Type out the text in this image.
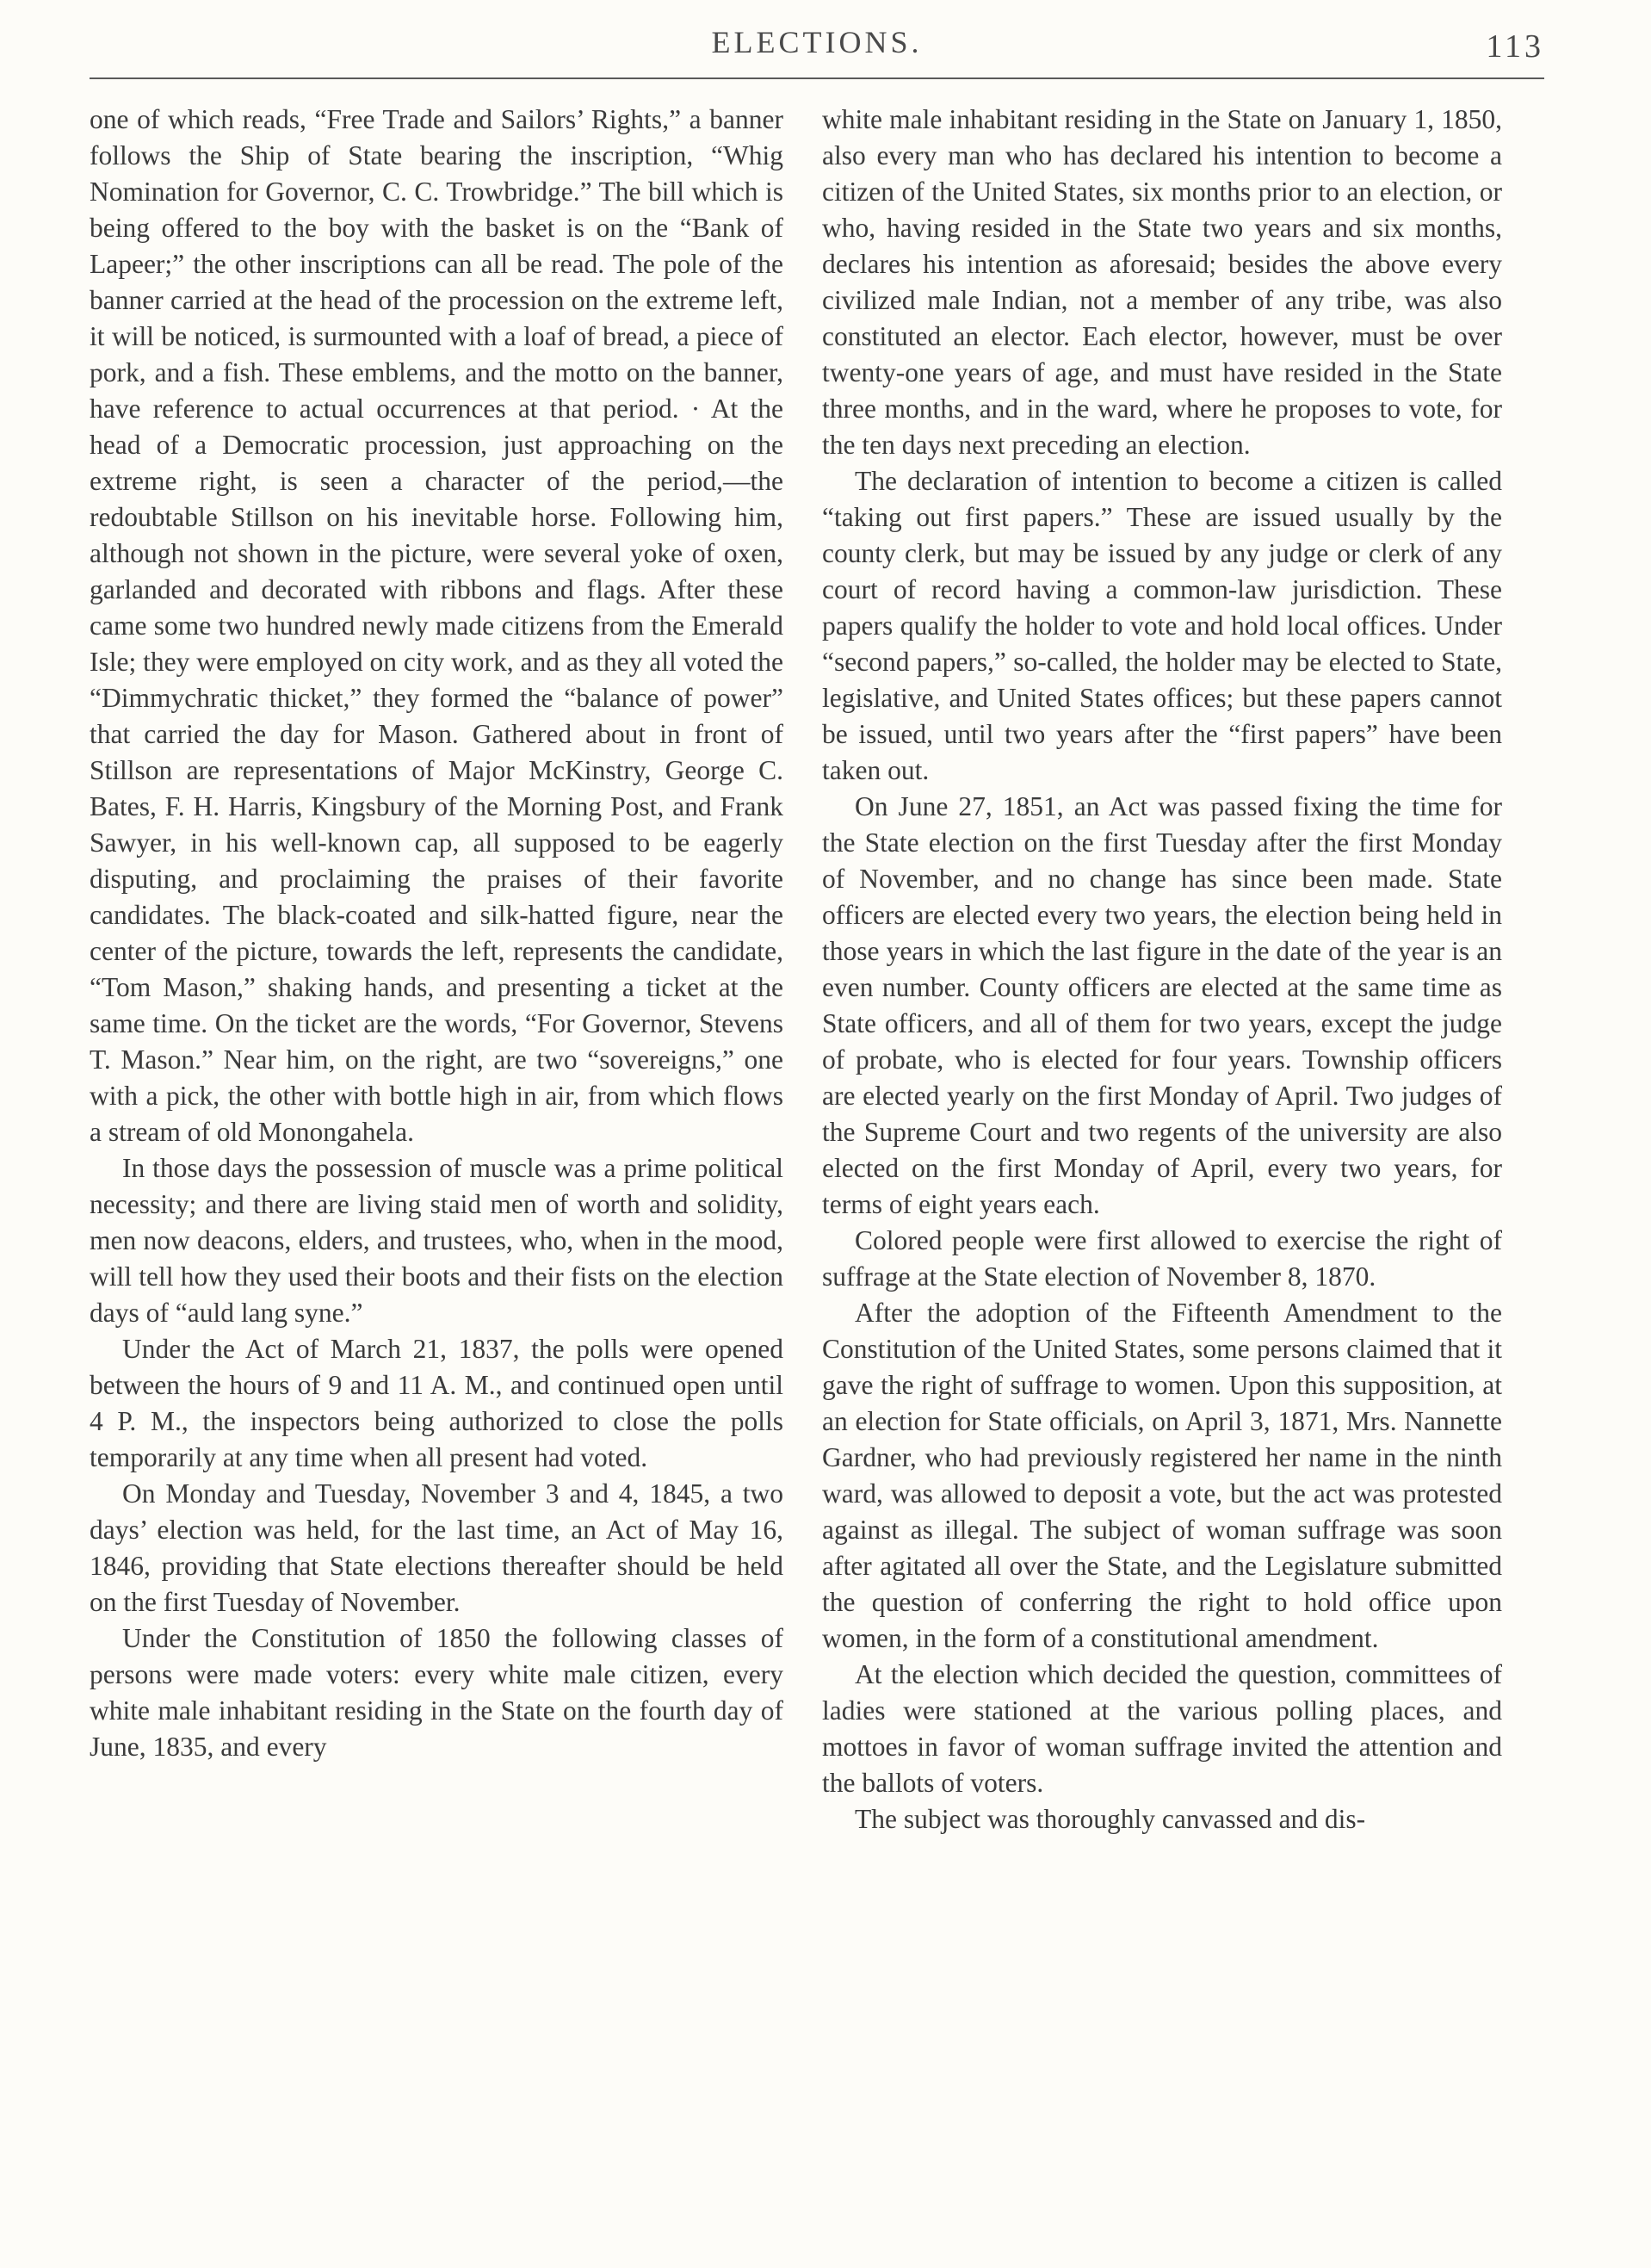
ELECTIONS.	113

one of which reads, “Free Trade and Sailors’ Rights,” a banner follows the Ship of State bearing the inscription, “Whig Nomination for Governor, C. C. Trowbridge.” The bill which is being offered to the boy with the basket is on the “Bank of Lapeer;” the other inscriptions can all be read. The pole of the banner carried at the head of the procession on the extreme left, it will be noticed, is surmounted with a loaf of bread, a piece of pork, and a fish. These emblems, and the motto on the banner, have reference to actual occurrences at that period. · At the head of a Democratic procession, just approaching on the extreme right, is seen a character of the period,—the redoubtable Stillson on his inevitable horse. Following him, although not shown in the picture, were several yoke of oxen, garlanded and decorated with ribbons and flags. After these came some two hundred newly made citizens from the Emerald Isle; they were employed on city work, and as they all voted the “Dimmychratic thicket,” they formed the “balance of power” that carried the day for Mason. Gathered about in front of Stillson are representations of Major McKinstry, George C. Bates, F. H. Harris, Kingsbury of the Morning Post, and Frank Sawyer, in his well-known cap, all supposed to be eagerly disputing, and proclaiming the praises of their favorite candidates. The black-coated and silk-hatted figure, near the center of the picture, towards the left, represents the candidate, “Tom Mason,” shaking hands, and presenting a ticket at the same time. On the ticket are the words, “For Governor, Stevens T. Mason.” Near him, on the right, are two “sovereigns,” one with a pick, the other with bottle high in air, from which flows a stream of old Monongahela.

In those days the possession of muscle was a prime political necessity; and there are living staid men of worth and solidity, men now deacons, elders, and trustees, who, when in the mood, will tell how they used their boots and their fists on the election days of “auld lang syne.”

Under the Act of March 21, 1837, the polls were opened between the hours of 9 and 11 A. M., and continued open until 4 P. M., the inspectors being authorized to close the polls temporarily at any time when all present had voted.

On Monday and Tuesday, November 3 and 4, 1845, a two days’ election was held, for the last time, an Act of May 16, 1846, providing that State elections thereafter should be held on the first Tuesday of November.

Under the Constitution of 1850 the following classes of persons were made voters: every white male citizen, every white male inhabitant residing in the State on the fourth day of June, 1835, and every

white male inhabitant residing in the State on January 1, 1850, also every man who has declared his intention to become a citizen of the United States, six months prior to an election, or who, having resided in the State two years and six months, declares his intention as aforesaid; besides the above every civilized male Indian, not a member of any tribe, was also constituted an elector. Each elector, however, must be over twenty-one years of age, and must have resided in the State three months, and in the ward, where he proposes to vote, for the ten days next preceding an election.

The declaration of intention to become a citizen is called “taking out first papers.” These are issued usually by the county clerk, but may be issued by any judge or clerk of any court of record having a common-law jurisdiction. These papers qualify the holder to vote and hold local offices. Under “second papers,” so-called, the holder may be elected to State, legislative, and United States offices; but these papers cannot be issued, until two years after the “first papers” have been taken out.

On June 27, 1851, an Act was passed fixing the time for the State election on the first Tuesday after the first Monday of November, and no change has since been made. State officers are elected every two years, the election being held in those years in which the last figure in the date of the year is an even number. County officers are elected at the same time as State officers, and all of them for two years, except the judge of probate, who is elected for four years. Township officers are elected yearly on the first Monday of April. Two judges of the Supreme Court and two regents of the university are also elected on the first Monday of April, every two years, for terms of eight years each.

Colored people were first allowed to exercise the right of suffrage at the State election of November 8, 1870.

After the adoption of the Fifteenth Amendment to the Constitution of the United States, some persons claimed that it gave the right of suffrage to women. Upon this supposition, at an election for State officials, on April 3, 1871, Mrs. Nannette Gardner, who had previously registered her name in the ninth ward, was allowed to deposit a vote, but the act was protested against as illegal. The subject of woman suffrage was soon after agitated all over the State, and the Legislature submitted the question of conferring the right to hold office upon women, in the form of a constitutional amendment.

At the election which decided the question, committees of ladies were stationed at the various polling places, and mottoes in favor of woman suffrage invited the attention and the ballots of voters.

The subject was thoroughly canvassed and dis-
